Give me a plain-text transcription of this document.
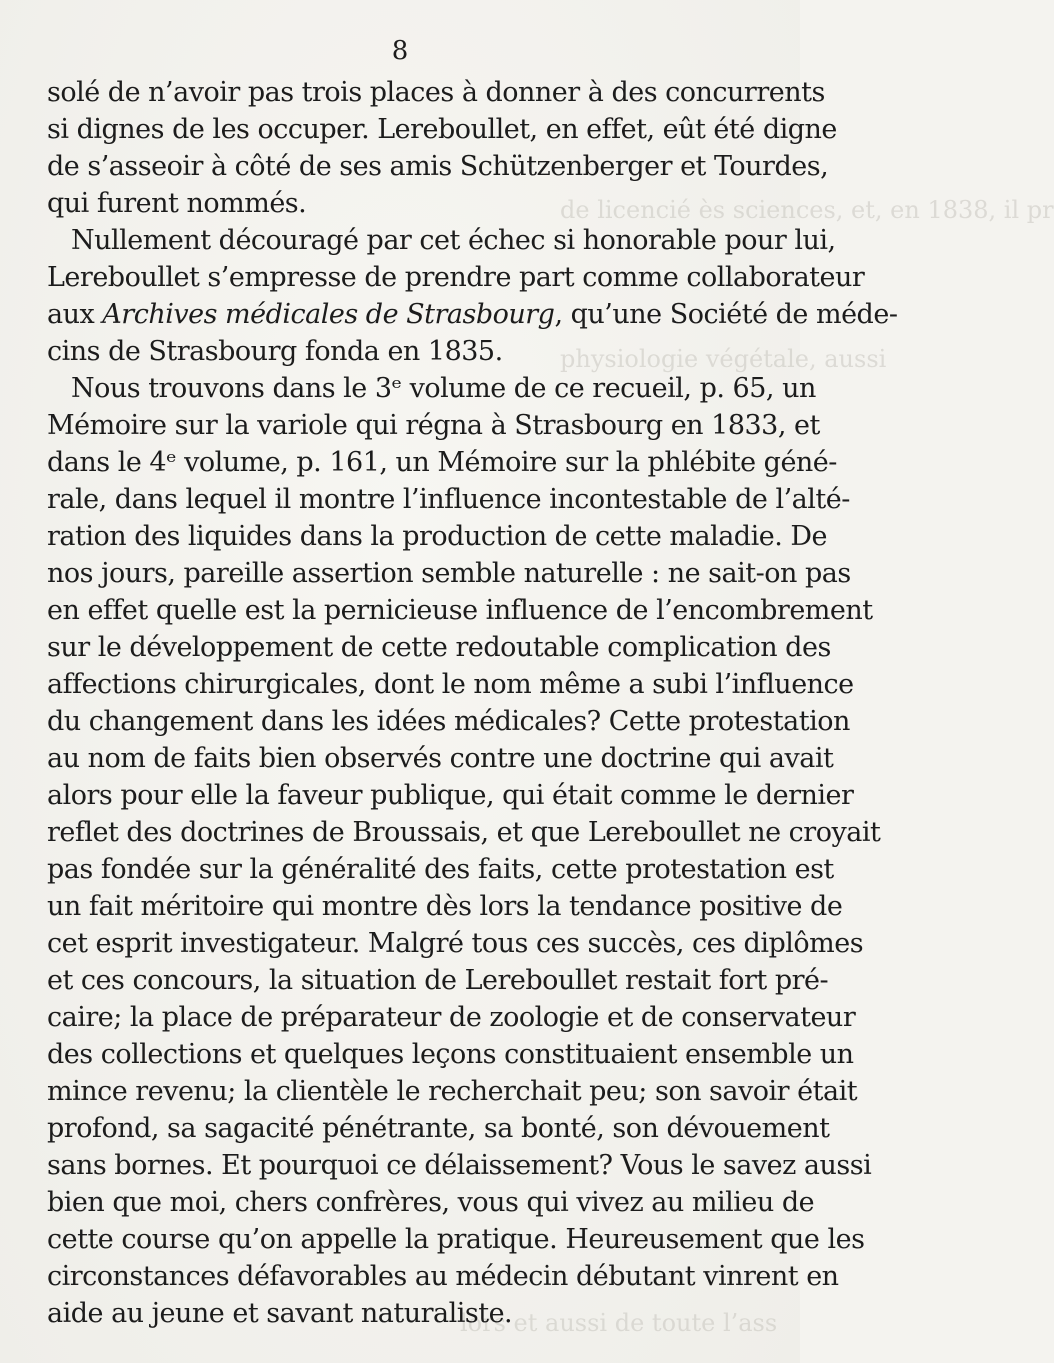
de licencié ès sciences, et, en 1838, il pr
physiologie végétale, aussi
lors et aussi de toute l’ass
8
solé de n’avoir pas trois places à donner à des concurrents
si dignes de les occuper. Lereboullet, en effet, eût été digne
de s’asseoir à côté de ses amis Schützenberger et Tourdes,
qui furent nommés.
Nullement découragé par cet échec si honorable pour lui,
Lereboullet s’empresse de prendre part comme collaborateur
aux Archives médicales de Strasbourg, qu’une Société de méde-
cins de Strasbourg fonda en 1835.
Nous trouvons dans le 3ᵉ volume de ce recueil, p. 65, un
Mémoire sur la variole qui régna à Strasbourg en 1833, et
dans le 4ᵉ volume, p. 161, un Mémoire sur la phlébite géné-
rale, dans lequel il montre l’influence incontestable de l’alté-
ration des liquides dans la production de cette maladie. De
nos jours, pareille assertion semble naturelle : ne sait-on pas
en effet quelle est la pernicieuse influence de l’encombrement
sur le développement de cette redoutable complication des
affections chirurgicales, dont le nom même a subi l’influence
du changement dans les idées médicales? Cette protestation
au nom de faits bien observés contre une doctrine qui avait
alors pour elle la faveur publique, qui était comme le dernier
reflet des doctrines de Broussais, et que Lereboullet ne croyait
pas fondée sur la généralité des faits, cette protestation est
un fait méritoire qui montre dès lors la tendance positive de
cet esprit investigateur. Malgré tous ces succès, ces diplômes
et ces concours, la situation de Lereboullet restait fort pré-
caire; la place de préparateur de zoologie et de conservateur
des collections et quelques leçons constituaient ensemble un
mince revenu; la clientèle le recherchait peu; son savoir était
profond, sa sagacité pénétrante, sa bonté, son dévouement
sans bornes. Et pourquoi ce délaissement? Vous le savez aussi
bien que moi, chers confrères, vous qui vivez au milieu de
cette course qu’on appelle la pratique. Heureusement que les
circonstances défavorables au médecin débutant vinrent en
aide au jeune et savant naturaliste.
